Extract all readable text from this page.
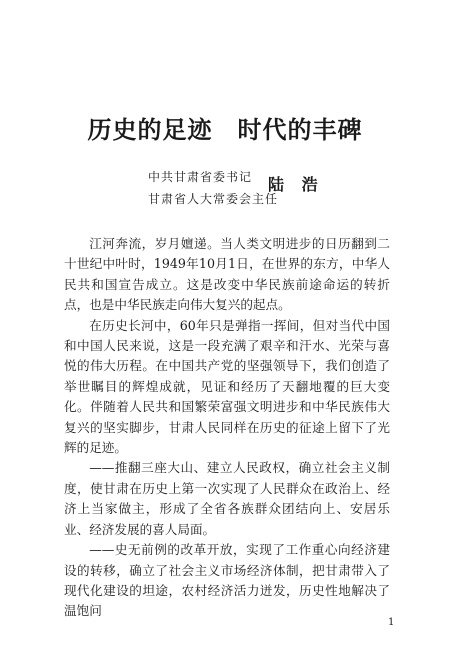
历史的足迹　时代的丰碑
中共甘肃省委书记
甘肃省人大常委会主任
陆 浩

江河奔流，岁月嬗递。当人类文明进步的日历翻到二十世纪中叶时，1949年10月1日，在世界的东方，中华人民共和国宣告成立。这是改变中华民族前途命运的转折点，也是中华民族走向伟大复兴的起点。

在历史长河中，60年只是弹指一挥间，但对当代中国和中国人民来说，这是一段充满了艰辛和汗水、光荣与喜悦的伟大历程。在中国共产党的坚强领导下，我们创造了举世瞩目的辉煌成就，见证和经历了天翻地覆的巨大变化。伴随着人民共和国繁荣富强文明进步和中华民族伟大复兴的坚实脚步，甘肃人民同样在历史的征途上留下了光辉的足迹。

——推翻三座大山、建立人民政权，确立社会主义制度，使甘肃在历史上第一次实现了人民群众在政治上、经济上当家做主，形成了全省各族群众团结向上、安居乐业、经济发展的喜人局面。

——史无前例的改革开放，实现了工作重心向经济建设的转移，确立了社会主义市场经济体制，把甘肃带入了现代化建设的坦途，农村经济活力迸发，历史性地解决了温饱问

1
